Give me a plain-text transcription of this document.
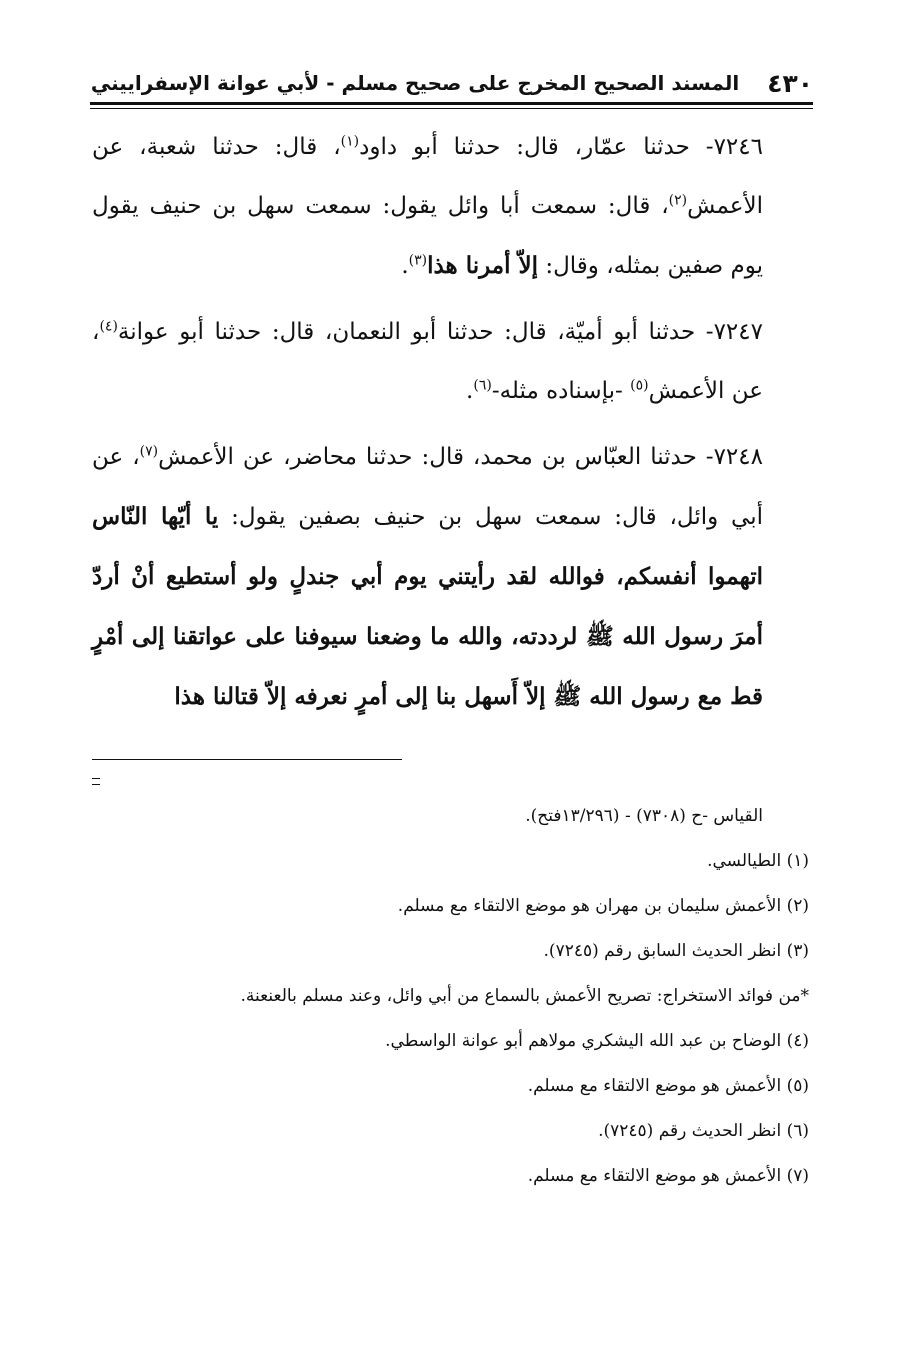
٤٣٠
المسند الصحيح المخرج على صحيح مسلم - لأبي عوانة الإسفراييني

٧٢٤٦- حدثنا عمّار، قال: حدثنا أبو داود$^{(١)}$، قال: حدثنا شعبة، عن الأعمش$^{(٢)}$، قال: سمعت أبا وائل يقول: سمعت سهل بن حنيف يقول يوم صفين بمثله، وقال: إلاّ أمرنا هذا$^{(٣)}$.

٧٢٤٧- حدثنا أبو أميّة، قال: حدثنا أبو النعمان، قال: حدثنا أبو عوانة$^{(٤)}$، عن الأعمش$^{(٥)}$ -بإسناده مثله-$^{(٦)}$.

٧٢٤٨- حدثنا العبّاس بن محمد، قال: حدثنا محاضر، عن الأعمش$^{(٧)}$، عن أبي وائل، قال: سمعت سهل بن حنيف بصفين يقول: يا أيّها النّاس اتهموا أنفسكم، فوالله لقد رأيتني يوم أبي جندلٍ ولو أستطيع أنْ أردّ أمرَ رسول الله ﷺ لرددته، والله ما وضعنا سيوفنا على عواتقنا إلى أمْرٍ قط مع رسول الله ﷺ إلاّ أَسهل بنا إلى أمرٍ نعرفه إلاّ قتالنا هذا

القياس -ح (٧٣٠٨) - (١٣/٢٩٦فتح).

(١) الطيالسي.

(٢) الأعمش سليمان بن مهران هو موضع الالتقاء مع مسلم.

(٣) انظر الحديث السابق رقم (٧٢٤٥).

*من فوائد الاستخراج: تصريح الأعمش بالسماع من أبي وائل، وعند مسلم بالعنعنة.

(٤) الوضاح بن عبد الله اليشكري مولاهم أبو عوانة الواسطي.

(٥) الأعمش هو موضع الالتقاء مع مسلم.

(٦) انظر الحديث رقم (٧٢٤٥).

(٧) الأعمش هو موضع الالتقاء مع مسلم.
